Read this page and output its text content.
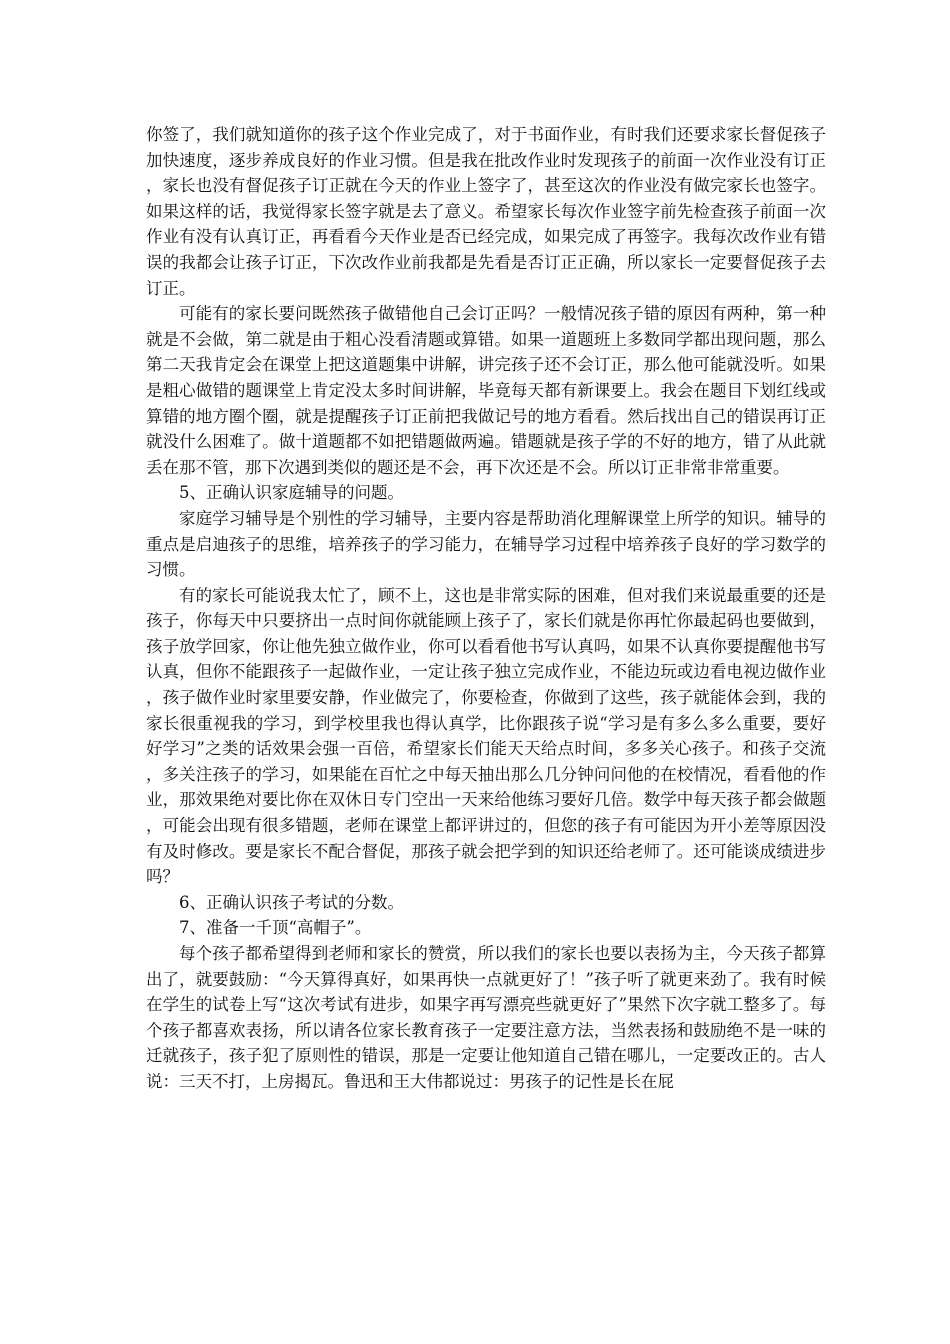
你签了，我们就知道你的孩子这个作业完成了，对于书面作业，有时我们还要求家长督促孩子加快速度，逐步养成良好的作业习惯。但是我在批改作业时发现孩子的前面一次作业没有订正，家长也没有督促孩子订正就在今天的作业上签字了，甚至这次的作业没有做完家长也签字。如果这样的话，我觉得家长签字就是去了意义。希望家长每次作业签字前先检查孩子前面一次作业有没有认真订正，再看看今天作业是否已经完成，如果完成了再签字。我每次改作业有错误的我都会让孩子订正，下次改作业前我都是先看是否订正正确，所以家长一定要督促孩子去订正。

可能有的家长要问既然孩子做错他自己会订正吗？一般情况孩子错的原因有两种，第一种就是不会做，第二就是由于粗心没看清题或算错。如果一道题班上多数同学都出现问题，那么第二天我肯定会在课堂上把这道题集中讲解，讲完孩子还不会订正，那么他可能就没听。如果是粗心做错的题课堂上肯定没太多时间讲解，毕竟每天都有新课要上。我会在题目下划红线或算错的地方圈个圈，就是提醒孩子订正前把我做记号的地方看看。然后找出自己的错误再订正就没什么困难了。做十道题都不如把错题做两遍。错题就是孩子学的不好的地方，错了从此就丢在那不管，那下次遇到类似的题还是不会，再下次还是不会。所以订正非常非常重要。

5、正确认识家庭辅导的问题。

家庭学习辅导是个别性的学习辅导，主要内容是帮助消化理解课堂上所学的知识。辅导的重点是启迪孩子的思维，培养孩子的学习能力，在辅导学习过程中培养孩子良好的学习数学的习惯。

有的家长可能说我太忙了，顾不上，这也是非常实际的困难，但对我们来说最重要的还是孩子，你每天中只要挤出一点时间你就能顾上孩子了，家长们就是你再忙你最起码也要做到，孩子放学回家，你让他先独立做作业，你可以看看他书写认真吗，如果不认真你要提醒他书写认真，但你不能跟孩子一起做作业，一定让孩子独立完成作业，不能边玩或边看电视边做作业，孩子做作业时家里要安静，作业做完了，你要检查，你做到了这些，孩子就能体会到，我的家长很重视我的学习，到学校里我也得认真学，比你跟孩子说“学习是有多么多么重要，要好好学习”之类的话效果会强一百倍，希望家长们能天天给点时间，多多关心孩子。和孩子交流，多关注孩子的学习，如果能在百忙之中每天抽出那么几分钟问问他的在校情况，看看他的作业，那效果绝对要比你在双休日专门空出一天来给他练习要好几倍。数学中每天孩子都会做题，可能会出现有很多错题，老师在课堂上都评讲过的，但您的孩子有可能因为开小差等原因没有及时修改。要是家长不配合督促，那孩子就会把学到的知识还给老师了。还可能谈成绩进步吗？

6、正确认识孩子考试的分数。

7、准备一千顶“高帽子”。

每个孩子都希望得到老师和家长的赞赏，所以我们的家长也要以表扬为主，今天孩子都算出了，就要鼓励：“今天算得真好，如果再快一点就更好了！”孩子听了就更来劲了。我有时候在学生的试卷上写“这次考试有进步，如果字再写漂亮些就更好了”果然下次字就工整多了。每个孩子都喜欢表扬，所以请各位家长教育孩子一定要注意方法，当然表扬和鼓励绝不是一味的迁就孩子，孩子犯了原则性的错误，那是一定要让他知道自己错在哪儿，一定要改正的。古人说：三天不打，上房揭瓦。鲁迅和王大伟都说过：男孩子的记性是长在屁
